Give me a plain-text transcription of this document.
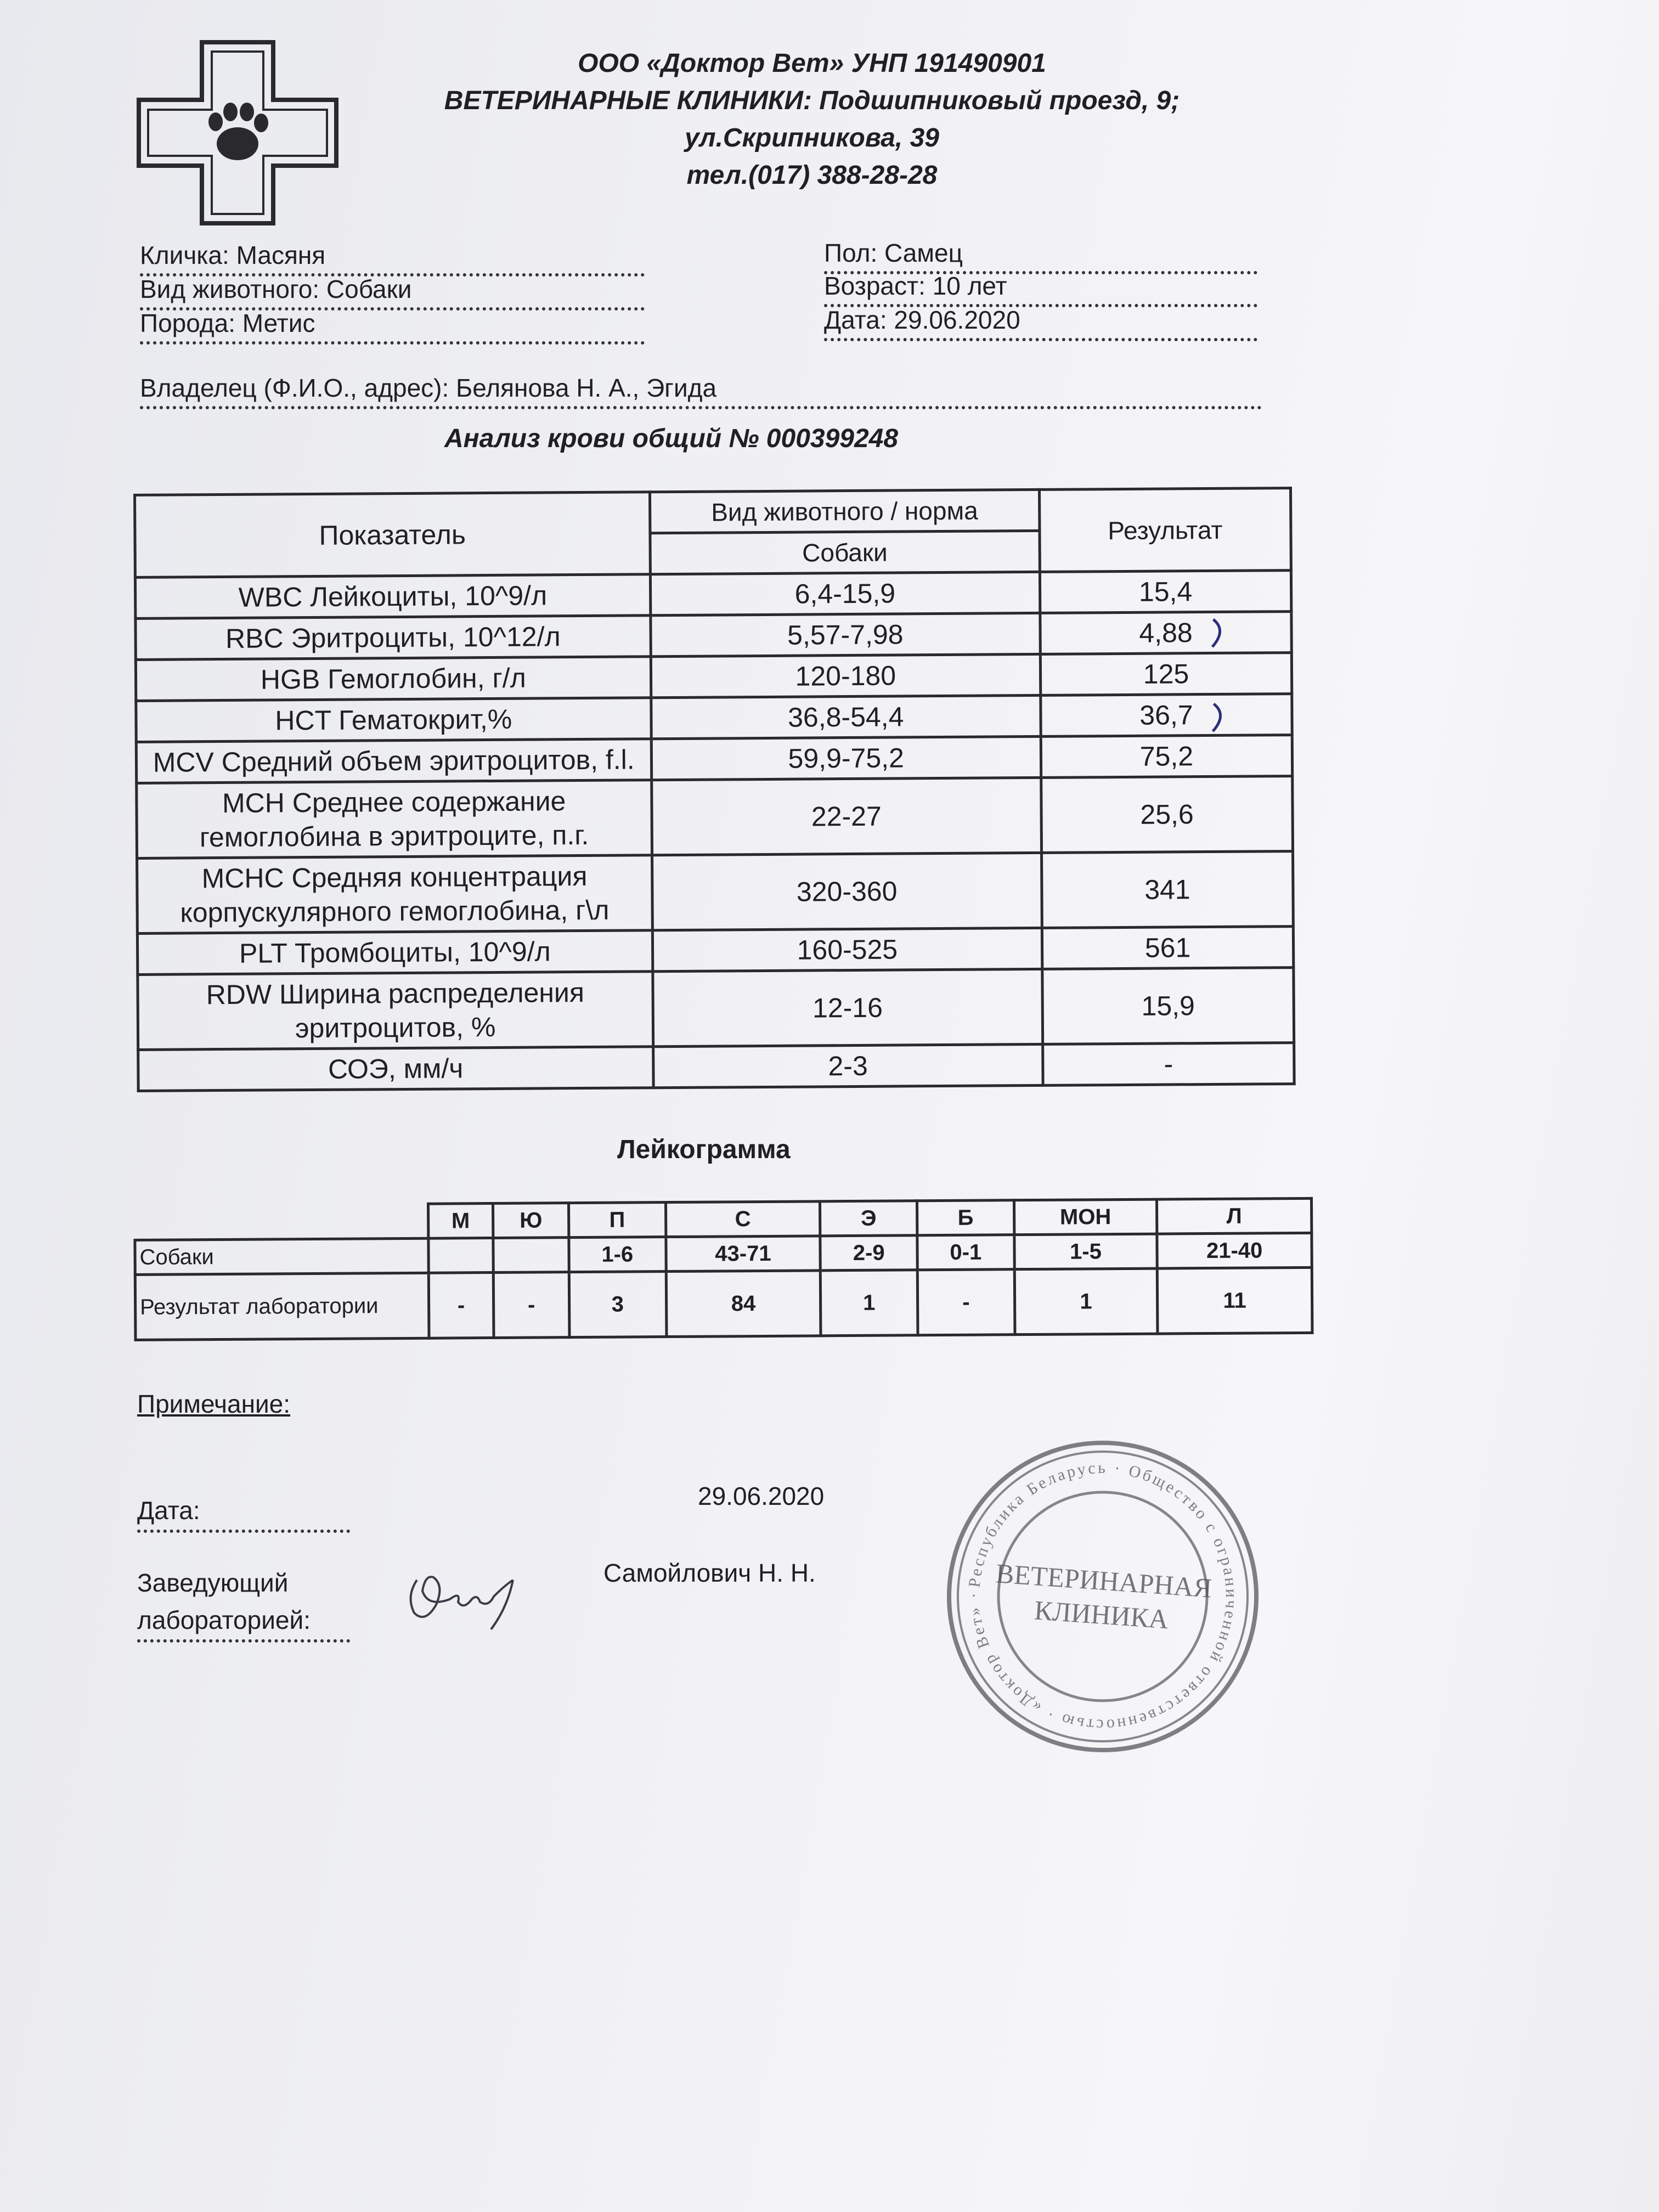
ООО «Доктор Вет» УНП 191490901
ВЕТЕРИНАРНЫЕ КЛИНИКИ: Подшипниковый проезд, 9;
ул.Скрипникова, 39
тел.(017) 388-28-28
Кличка: Масяня
Вид животного: Собаки
Порода: Метис
Пол: Самец
Возраст: 10 лет
Дата: 29.06.2020
Владелец (Ф.И.О., адрес): Белянова Н. А., Эгида
Анализ крови общий № 000399248
Показатель	Вид животного / норма	Результат
	Собаки	
WBC Лейкоциты, 10^9/л	6,4-15,9	15,4
RBC Эритроциты, 10^12/л	5,57-7,98	4,88

HGB Гемоглобин, г/л	120-180	125
HCT Гематокрит,%	36,8-54,4	36,7

MCV Средний объем эритроцитов, f.l.	59,9-75,2	75,2
MCH Среднее содержание гемоглобина в эритроците, п.г.	22-27	25,6
MCHC Средняя концентрация корпускулярного гемоглобина, г\л	320-360	341
PLT Тромбоциты, 10^9/л	160-525	561
RDW Ширина распределения эритроцитов, %	12-16	15,9
СОЭ, мм/ч	2-3	-
Лейкограмма
	М	Ю	П	С	Э	Б	МОН	Л
Собаки			1-6	43-71	2-9	0-1	1-5	21-40
Результат лаборатории	-	-	3	84	1	-	1	11
Примечание:
Дата:	29.06.2020
Заведующий
лабораторией:
Самойлович Н. Н.	Республика Беларусь · Общество с ограниченной ответственностью · «Доктор Вет» · ВЕТЕРИНАРНАЯ
КЛИНИКА
